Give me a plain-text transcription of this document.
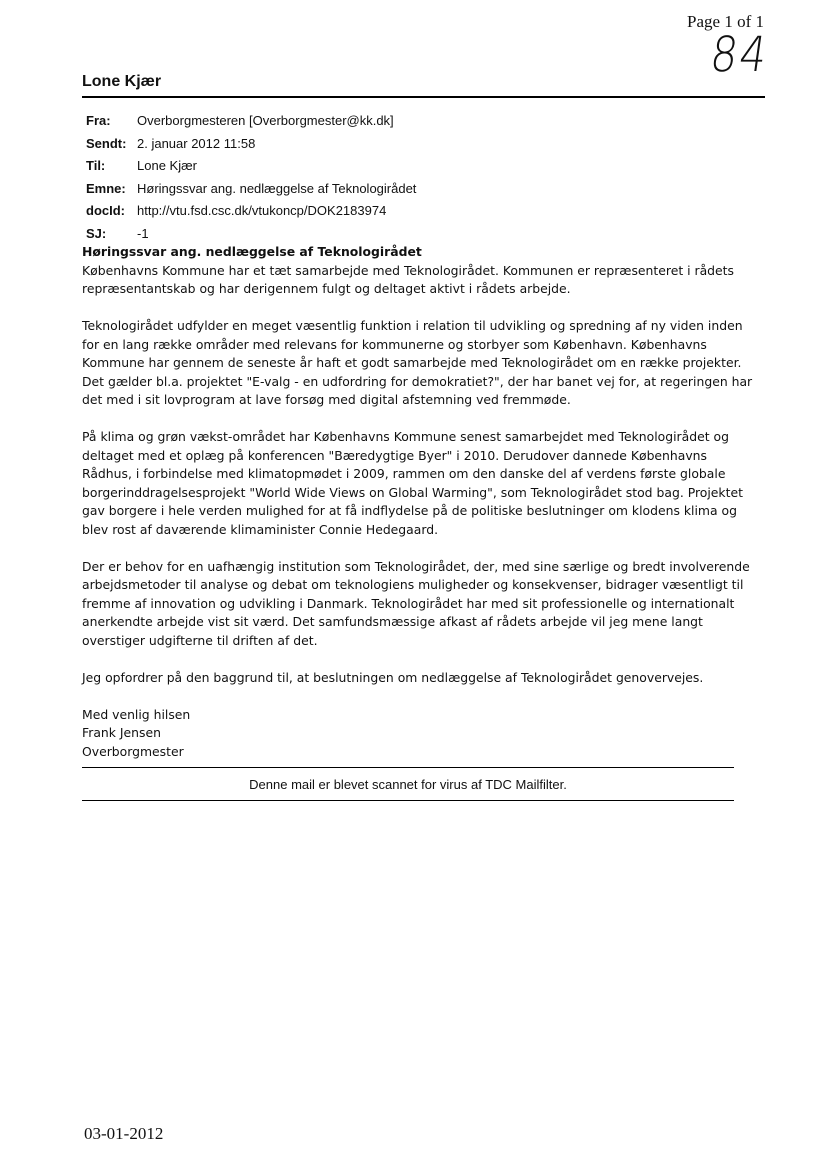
Page 1 of 1
84
Lone Kjær
Fra:	Overborgmesteren [Overborgmester@kk.dk]
Sendt: 2. januar 2012 11:58
Til:	Lone Kjær
Emne: Høringssvar ang. nedlæggelse af Teknologirådet
docId: http://vtu.fsd.csc.dk/vtukoncp/DOK2183974
SJ:	-1

Høringssvar ang. nedlæggelse af Teknologirådet

Københavns Kommune har et tæt samarbejde med Teknologirådet. Kommunen er repræsenteret i rådets repræsentantskab og har derigennem fulgt og deltaget aktivt i rådets arbejde.

Teknologirådet udfylder en meget væsentlig funktion i relation til udvikling og spredning af ny viden inden for en lang række områder med relevans for kommunerne og storbyer som København. Københavns Kommune har gennem de seneste år haft et godt samarbejde med Teknologirådet om en række projekter. Det gælder bl.a. projektet "E-valg - en udfordring for demokratiet?", der har banet vej for, at regeringen har det med i sit lovprogram at lave forsøg med digital afstemning ved fremmøde.

På klima og grøn vækst-området har Københavns Kommune senest samarbejdet med Teknologirådet og deltaget med et oplæg på konferencen "Bæredygtige Byer" i 2010. Derudover dannede Københavns Rådhus, i forbindelse med klimatopmødet i 2009, rammen om den danske del af verdens første globale borgerinddragelsesprojekt "World Wide Views on Global Warming", som Teknologirådet stod bag. Projektet gav borgere i hele verden mulighed for at få indflydelse på de politiske beslutninger om klodens klima og blev rost af daværende klimaminister Connie Hedegaard.

Der er behov for en uafhængig institution som Teknologirådet, der, med sine særlige og bredt involverende arbejdsmetoder til analyse og debat om teknologiens muligheder og konsekvenser, bidrager væsentligt til fremme af innovation og udvikling i Danmark. Teknologirådet har med sit professionelle og internationalt anerkendte arbejde vist sit værd. Det samfundsmæssige afkast af rådets arbejde vil jeg mene langt overstiger udgifterne til driften af det.

Jeg opfordrer på den baggrund til, at beslutningen om nedlæggelse af Teknologirådet genovervejes.

Med venlig hilsen
Frank Jensen
Overborgmester
Denne mail er blevet scannet for virus af TDC Mailfilter.
03-01-2012
